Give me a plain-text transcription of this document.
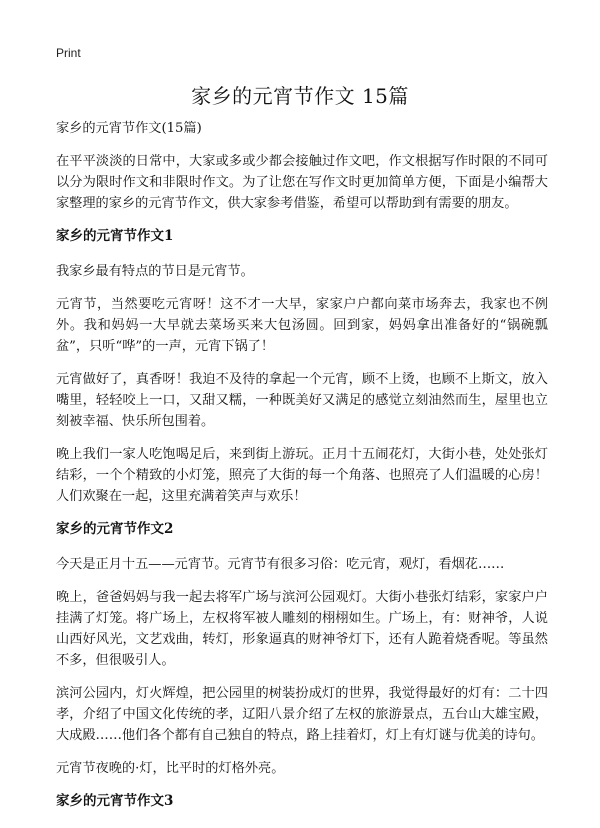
Print
家乡的元宵节作文 15篇

家乡的元宵节作文(15篇)

在平平淡淡的日常中，大家或多或少都会接触过作文吧，作文根据写作时限的不同可以分为限时作文和非限时作文。为了让您在写作文时更加简单方便，下面是小编帮大家整理的家乡的元宵节作文，供大家参考借鉴，希望可以帮助到有需要的朋友。

家乡的元宵节作文1

我家乡最有特点的节日是元宵节。

元宵节，当然要吃元宵呀！这不才一大早，家家户户都向菜市场奔去，我家也不例外。我和妈妈一大早就去菜场买来大包汤圆。回到家，妈妈拿出准备好的“锅碗瓢盆”，只听“哗”的一声，元宵下锅了！

元宵做好了，真香呀！我迫不及待的拿起一个元宵，顾不上烫，也顾不上斯文，放入嘴里，轻轻咬上一口，又甜又糯，一种既美好又满足的感觉立刻油然而生，屋里也立刻被幸福、快乐所包围着。

晚上我们一家人吃饱喝足后，来到街上游玩。正月十五闹花灯，大街小巷，处处张灯结彩，一个个精致的小灯笼，照亮了大街的每一个角落、也照亮了人们温暖的心房！人们欢聚在一起，这里充满着笑声与欢乐！

家乡的元宵节作文2

今天是正月十五——元宵节。元宵节有很多习俗：吃元宵，观灯，看烟花……

晚上，爸爸妈妈与我一起去将军广场与滨河公园观灯。大街小巷张灯结彩，家家户户挂满了灯笼。将广场上，左权将军被人雕刻的栩栩如生。广场上，有：财神爷，人说山西好风光，文艺戏曲，转灯，形象逼真的财神爷灯下，还有人跪着烧香呢。等虽然不多，但很吸引人。

滨河公园内，灯火辉煌，把公园里的树装扮成灯的世界，我觉得最好的灯有：二十四孝，介绍了中国文化传统的孝，辽阳八景介绍了左权的旅游景点，五台山大雄宝殿，大成殿……他们各个都有自己独自的特点，路上挂着灯，灯上有灯谜与优美的诗句。

元宵节夜晚的·灯，比平时的灯格外亮。

家乡的元宵节作文3
